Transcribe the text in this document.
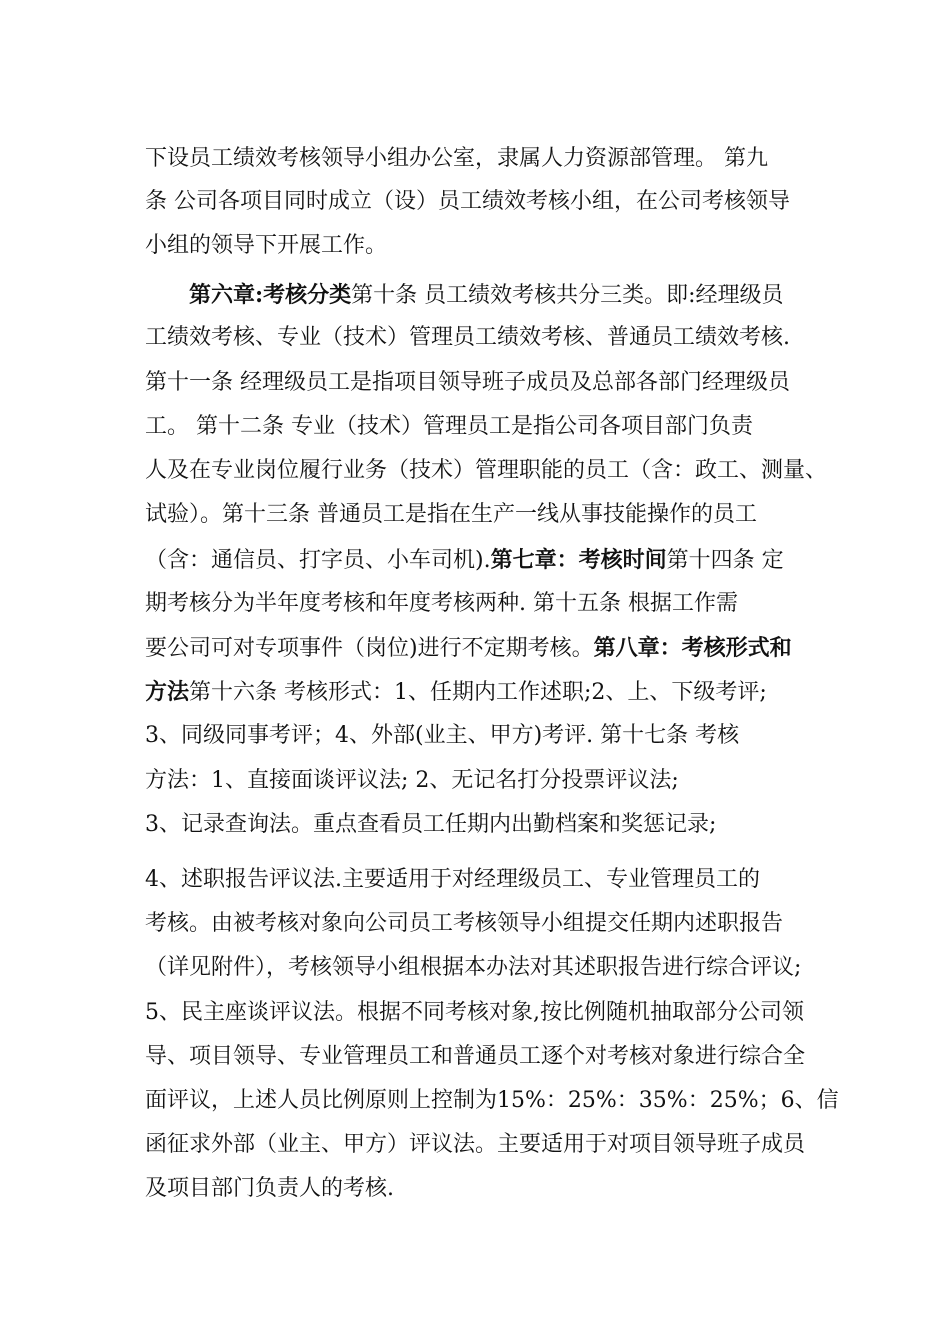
下设员工绩效考核领导小组办公室，隶属人力资源部管理。 第九
条 公司各项目同时成立（设）员工绩效考核小组，在公司考核领导
小组的领导下开展工作。
第六章:考核分类第十条 员工绩效考核共分三类。即:经理级员
工绩效考核、专业（技术）管理员工绩效考核、普通员工绩效考核.
第十一条 经理级员工是指项目领导班子成员及总部各部门经理级员
工。 第十二条 专业（技术）管理员工是指公司各项目部门负责
人及在专业岗位履行业务（技术）管理职能的员工（含：政工、测量、
试验）。第十三条 普通员工是指在生产一线从事技能操作的员工
（含：通信员、打字员、小车司机).第七章：考核时间第十四条 定
期考核分为半年度考核和年度考核两种. 第十五条 根据工作需
要公司可对专项事件（岗位)进行不定期考核。第八章：考核形式和
方法第十六条 考核形式：1、任期内工作述职;2、上、下级考评;
3、同级同事考评；4、外部(业主、甲方)考评. 第十七条 考核
方法：1、直接面谈评议法; 2、无记名打分投票评议法;
3、记录查询法。重点查看员工任期内出勤档案和奖惩记录;
4、述职报告评议法.主要适用于对经理级员工、专业管理员工的
考核。由被考核对象向公司员工考核领导小组提交任期内述职报告
（详见附件），考核领导小组根据本办法对其述职报告进行综合评议;
5、民主座谈评议法。根据不同考核对象,按比例随机抽取部分公司领
导、项目领导、专业管理员工和普通员工逐个对考核对象进行综合全
面评议，上述人员比例原则上控制为15%：25%：35%：25%；6、信
函征求外部（业主、甲方）评议法。主要适用于对项目领导班子成员
及项目部门负责人的考核.
